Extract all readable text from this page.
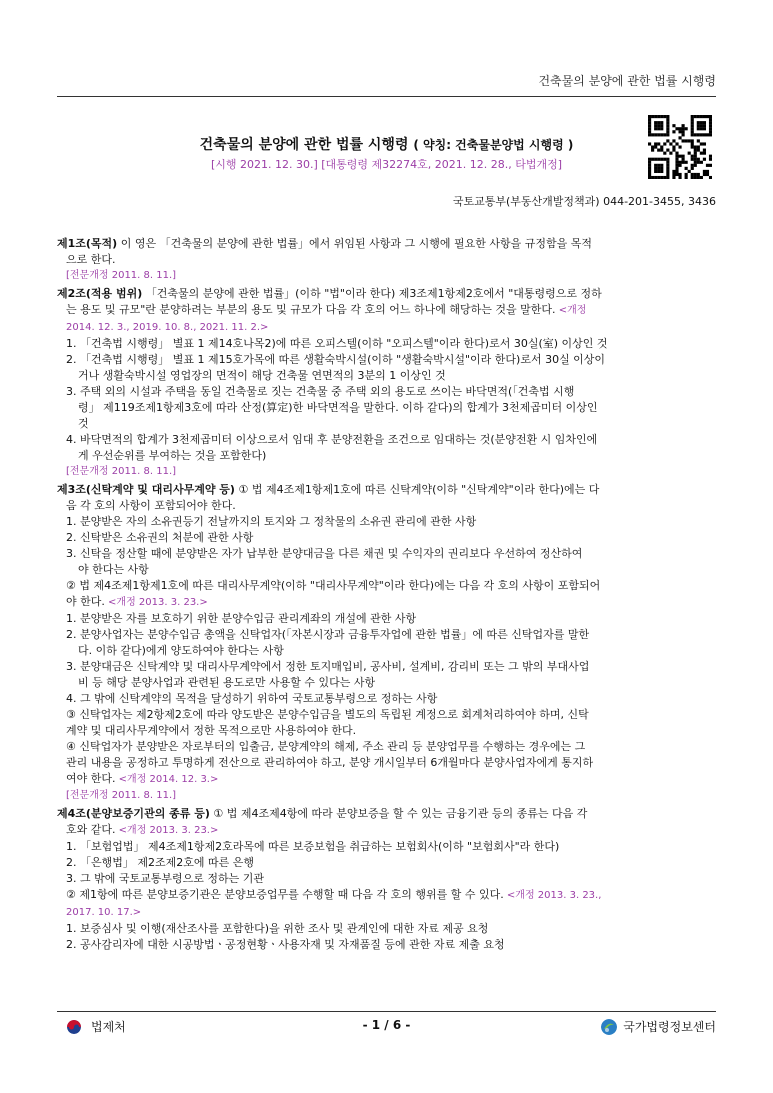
건축물의 분양에 관한 법률 시행령
건축물의 분양에 관한 법률 시행령 ( 약칭: 건축물분양법 시행령 )
[시행 2021. 12. 30.] [대통령령 제32274호, 2021. 12. 28., 타법개정]
국토교통부(부동산개발정책과) 044-201-3455, 3436
제1조(목적) 이 영은 「건축물의 분양에 관한 법률」에서 위임된 사항과 그 시행에 필요한 사항을 규정함을 목적
으로 한다.
[전문개정 2011. 8. 11.]
제2조(적용 범위) 「건축물의 분양에 관한 법률」(이하 "법"이라 한다) 제3조제1항제2호에서 "대통령령으로 정하
는 용도 및 규모"란 분양하려는 부분의 용도 및 규모가 다음 각 호의 어느 하나에 해당하는 것을 말한다. <개정
2014. 12. 3., 2019. 10. 8., 2021. 11. 2.>
1. 「건축법 시행령」 별표 1 제14호나목2)에 따른 오피스텔(이하 "오피스텔"이라 한다)로서 30실(室) 이상인 것
2. 「건축법 시행령」 별표 1 제15호가목에 따른 생활숙박시설(이하 "생활숙박시설"이라 한다)로서 30실 이상이
거나 생활숙박시설 영업장의 면적이 해당 건축물 연면적의 3분의 1 이상인 것
3. 주택 외의 시설과 주택을 동일 건축물로 짓는 건축물 중 주택 외의 용도로 쓰이는 바닥면적(「건축법 시행
령」 제119조제1항제3호에 따라 산정(算定)한 바닥면적을 말한다. 이하 같다)의 합계가 3천제곱미터 이상인
것
4. 바닥면적의 합계가 3천제곱미터 이상으로서 임대 후 분양전환을 조건으로 임대하는 것(분양전환 시 임차인에
게 우선순위를 부여하는 것을 포함한다)
[전문개정 2011. 8. 11.]
제3조(신탁계약 및 대리사무계약 등) ① 법 제4조제1항제1호에 따른 신탁계약(이하 "신탁계약"이라 한다)에는 다
음 각 호의 사항이 포함되어야 한다.
1. 분양받은 자의 소유권등기 전날까지의 토지와 그 정착물의 소유권 관리에 관한 사항
2. 신탁받은 소유권의 처분에 관한 사항
3. 신탁을 정산할 때에 분양받은 자가 납부한 분양대금을 다른 채권 및 수익자의 권리보다 우선하여 정산하여
야 한다는 사항
② 법 제4조제1항제1호에 따른 대리사무계약(이하 "대리사무계약"이라 한다)에는 다음 각 호의 사항이 포함되어
야 한다. <개정 2013. 3. 23.>
1. 분양받은 자를 보호하기 위한 분양수입금 관리계좌의 개설에 관한 사항
2. 분양사업자는 분양수입금 총액을 신탁업자(「자본시장과 금융투자업에 관한 법률」에 따른 신탁업자를 말한
다. 이하 같다)에게 양도하여야 한다는 사항
3. 분양대금은 신탁계약 및 대리사무계약에서 정한 토지매입비, 공사비, 설계비, 감리비 또는 그 밖의 부대사업
비 등 해당 분양사업과 관련된 용도로만 사용할 수 있다는 사항
4. 그 밖에 신탁계약의 목적을 달성하기 위하여 국토교통부령으로 정하는 사항
③ 신탁업자는 제2항제2호에 따라 양도받은 분양수입금을 별도의 독립된 계정으로 회계처리하여야 하며, 신탁
계약 및 대리사무계약에서 정한 목적으로만 사용하여야 한다.
④ 신탁업자가 분양받은 자로부터의 입출금, 분양계약의 해제, 주소 관리 등 분양업무를 수행하는 경우에는 그
관리 내용을 공정하고 투명하게 전산으로 관리하여야 하고, 분양 개시일부터 6개월마다 분양사업자에게 통지하
여야 한다. <개정 2014. 12. 3.>
[전문개정 2011. 8. 11.]
제4조(분양보증기관의 종류 등) ① 법 제4조제4항에 따라 분양보증을 할 수 있는 금융기관 등의 종류는 다음 각
호와 같다. <개정 2013. 3. 23.>
1. 「보험업법」 제4조제1항제2호라목에 따른 보증보험을 취급하는 보험회사(이하 "보험회사"라 한다)
2. 「은행법」 제2조제2호에 따른 은행
3. 그 밖에 국토교통부령으로 정하는 기관
② 제1항에 따른 분양보증기관은 분양보증업무를 수행할 때 다음 각 호의 행위를 할 수 있다. <개정 2013. 3. 23.,
2017. 10. 17.>
1. 보증심사 및 이행(재산조사를 포함한다)을 위한 조사 및 관계인에 대한 자료 제공 요청
2. 공사감리자에 대한 시공방법ㆍ공정현황ㆍ사용자재 및 자재품질 등에 관한 자료 제출 요청
법제처	- 1 / 6 -	국가법령정보센터
